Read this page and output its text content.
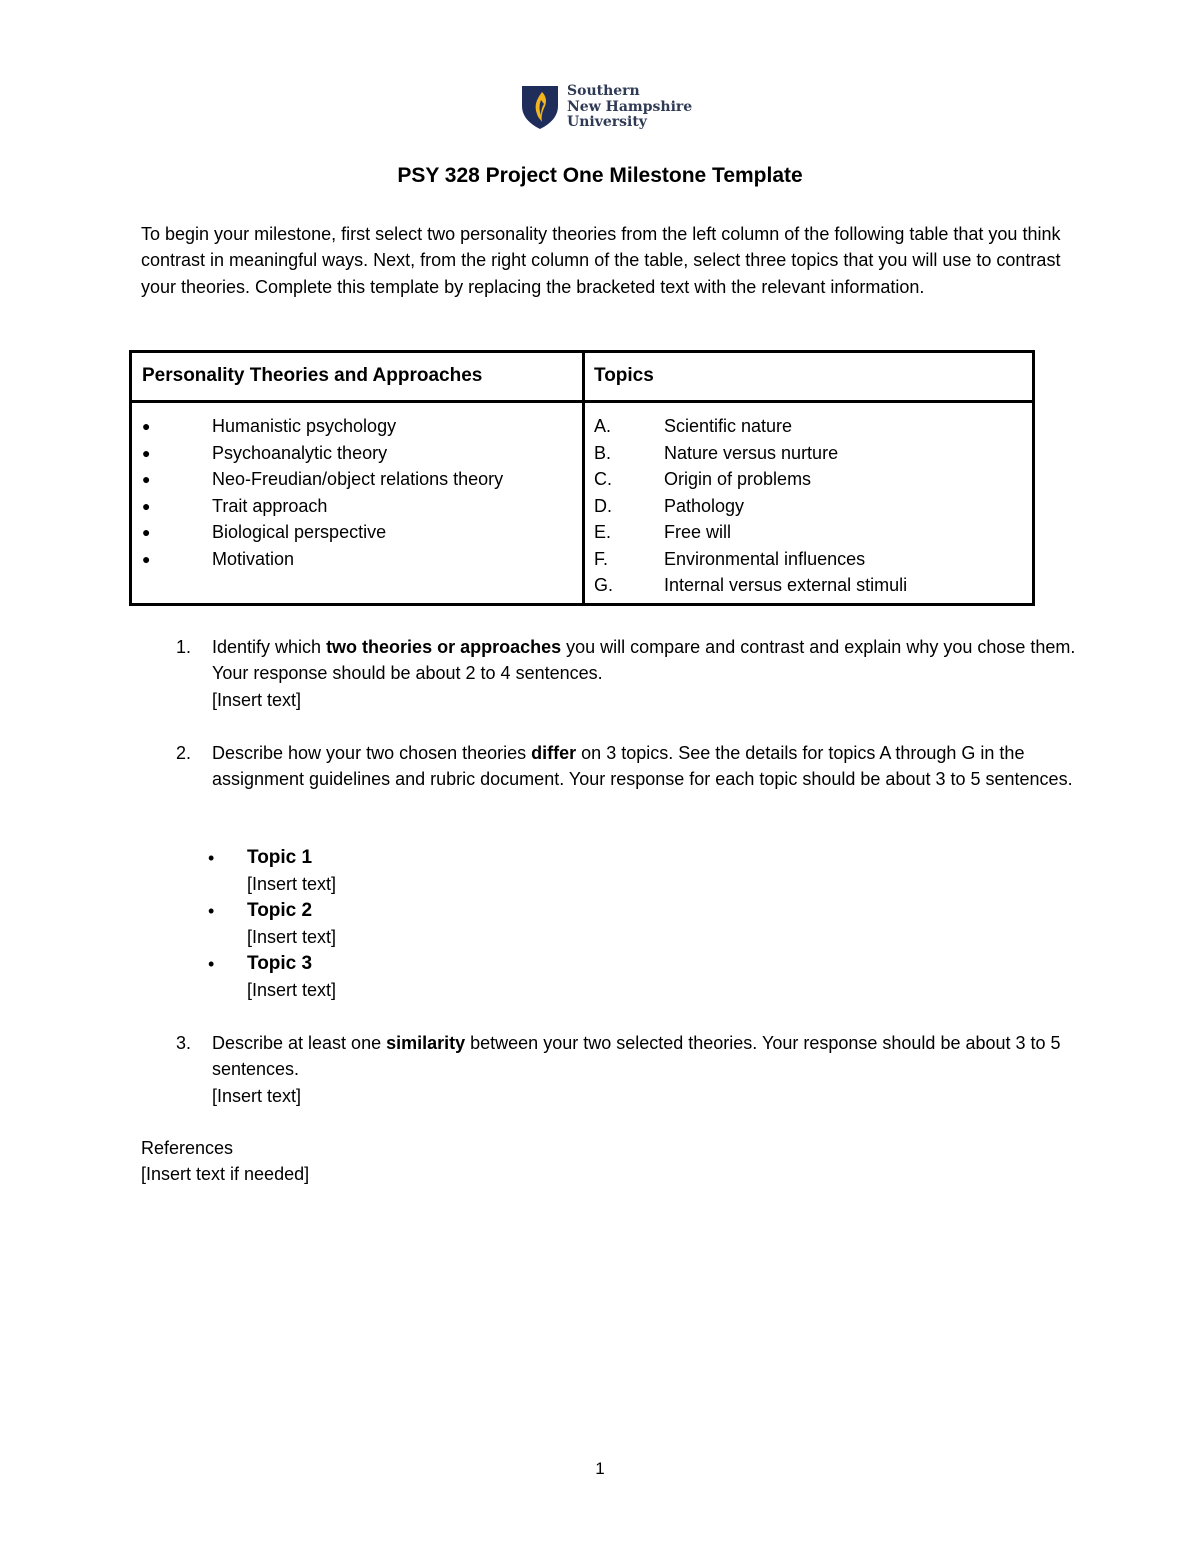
Southern
New Hampshire
University
PSY 328 Project One Milestone Template
To begin your milestone, first select two personality theories from the left column of the following table that you think contrast in meaningful ways. Next, from the right column of the table, select three topics that you will use to contrast your theories. Complete this template by replacing the bracketed text with the relevant information.
Personality Theories and Approaches	Topics
●	Humanistic psychology
●	Psychoanalytic theory
●	Neo-Freudian/object relations theory
●	Trait approach
●	Biological perspective
●	Motivation
A.	Scientific nature
B.	Nature versus nurture
C.	Origin of problems
D.	Pathology
E.	Free will
F.	Environmental influences
G.	Internal versus external stimuli
1. Identify which two theories or approaches you will compare and contrast and explain why you chose them. Your response should be about 2 to 4 sentences.
[Insert text]
2. Describe how your two chosen theories differ on 3 topics. See the details for topics A through G in the assignment guidelines and rubric document. Your response for each topic should be about 3 to 5 sentences.
• Topic 1
[Insert text]
• Topic 2
[Insert text]
• Topic 3
[Insert text]
3. Describe at least one similarity between your two selected theories. Your response should be about 3 to 5 sentences.
[Insert text]
References
[Insert text if needed]
1
